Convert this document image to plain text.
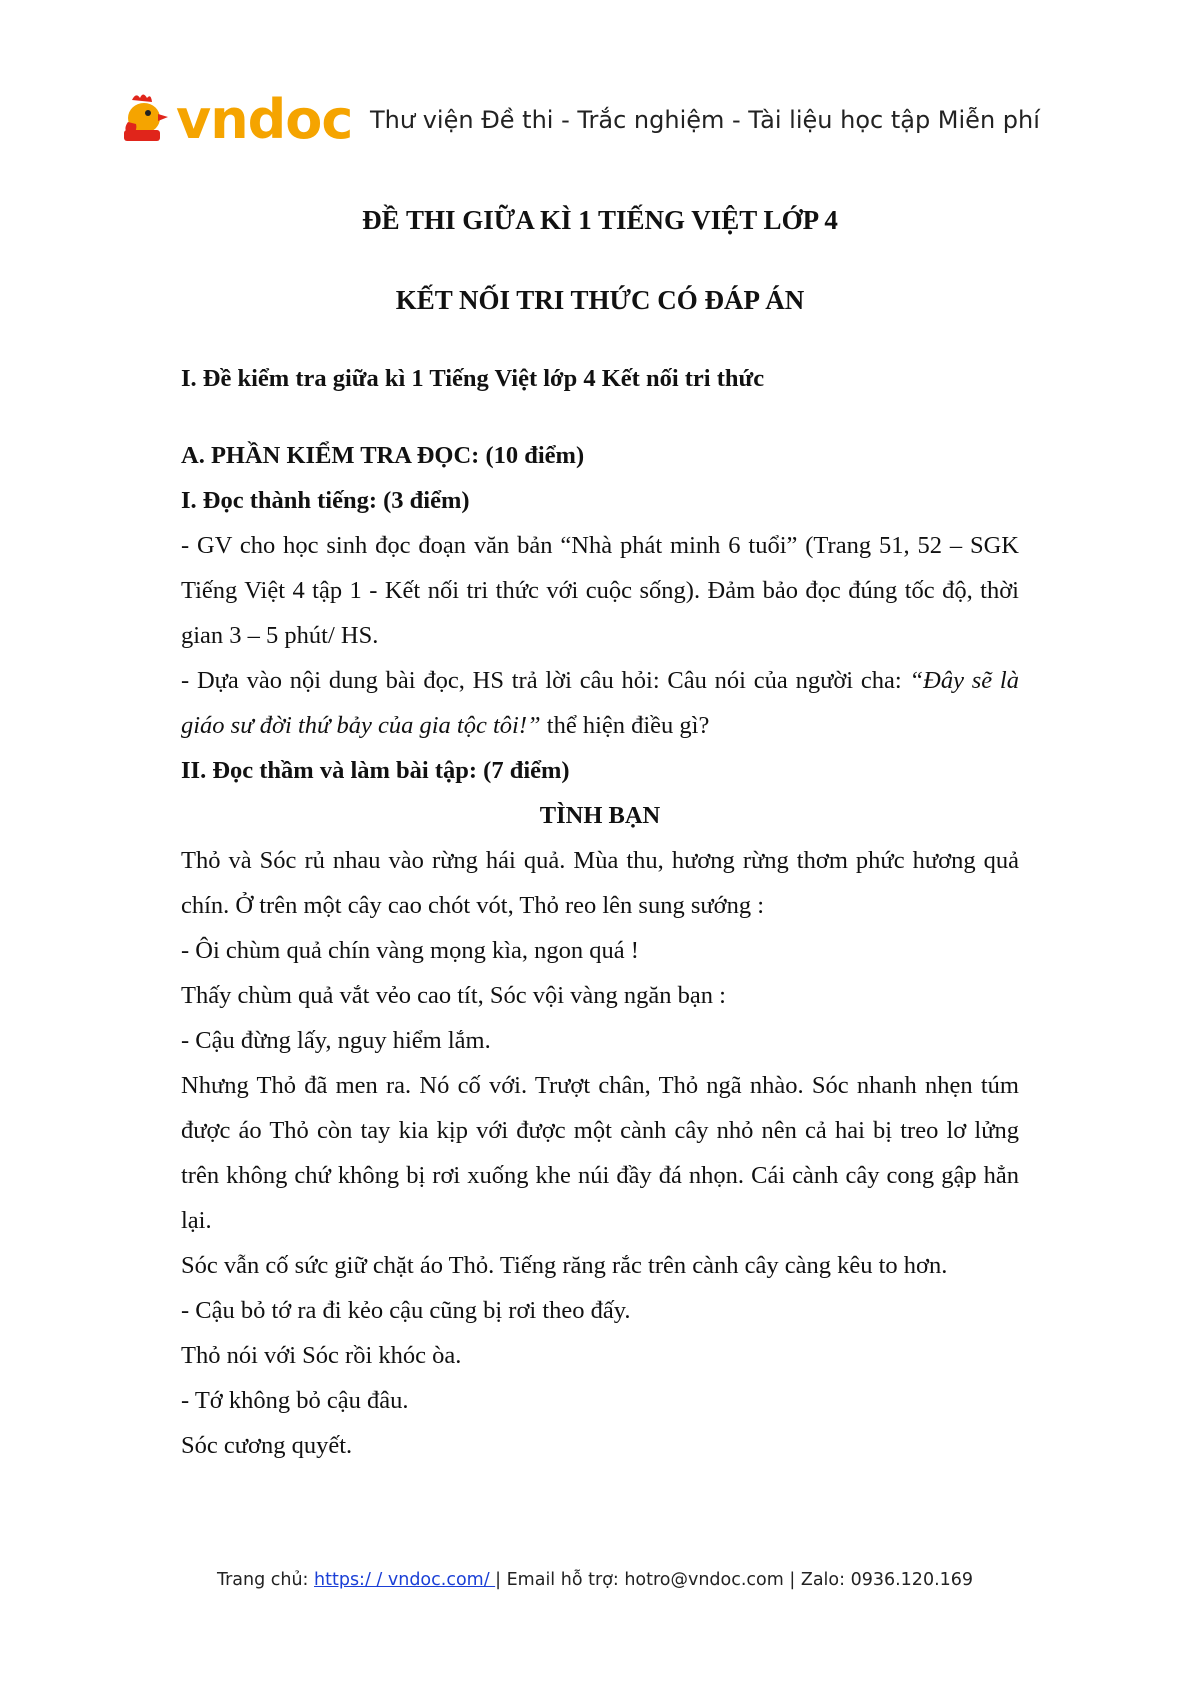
vndoc Thư viện Đề thi - Trắc nghiệm - Tài liệu học tập Miễn phí

ĐỀ THI GIỮA KÌ 1 TIẾNG VIỆT LỚP 4

KẾT NỐI TRI THỨC CÓ ĐÁP ÁN

I. Đề kiểm tra giữa kì 1 Tiếng Việt lớp 4 Kết nối tri thức

A. PHẦN KIỂM TRA ĐỌC: (10 điểm)

I. Đọc thành tiếng: (3 điểm)

- GV cho học sinh đọc đoạn văn bản “Nhà phát minh 6 tuổi” (Trang 51, 52 – SGK Tiếng Việt 4 tập 1 - Kết nối tri thức với cuộc sống). Đảm bảo đọc đúng tốc độ, thời gian 3 – 5 phút/ HS.

- Dựa vào nội dung bài đọc, HS trả lời câu hỏi: Câu nói của người cha: “Đây sẽ là giáo sư đời thứ bảy của gia tộc tôi!” thể hiện điều gì?

II. Đọc thầm và làm bài tập: (7 điểm)

TÌNH BẠN

Thỏ và Sóc rủ nhau vào rừng hái quả. Mùa thu, hương rừng thơm phức hương quả chín. Ở trên một cây cao chót vót, Thỏ reo lên sung sướng :

- Ôi chùm quả chín vàng mọng kìa, ngon quá !

Thấy chùm quả vắt vẻo cao tít, Sóc vội vàng ngăn bạn :

- Cậu đừng lấy, nguy hiểm lắm.

Nhưng Thỏ đã men ra. Nó cố với. Trượt chân, Thỏ ngã nhào. Sóc nhanh nhẹn túm được áo Thỏ còn tay kia kịp với được một cành cây nhỏ nên cả hai bị treo lơ lửng trên không chứ không bị rơi xuống khe núi đầy đá nhọn. Cái cành cây cong gập hẳn lại.

Sóc vẫn cố sức giữ chặt áo Thỏ. Tiếng răng rắc trên cành cây càng kêu to hơn.

- Cậu bỏ tớ ra đi kẻo cậu cũng bị rơi theo đấy.

Thỏ nói với Sóc rồi khóc òa.

- Tớ không bỏ cậu đâu.

Sóc cương quyết.

Trang chủ: https:/ / vndoc.com/ | Email hỗ trợ: hotro@vndoc.com | Zalo: 0936.120.169
